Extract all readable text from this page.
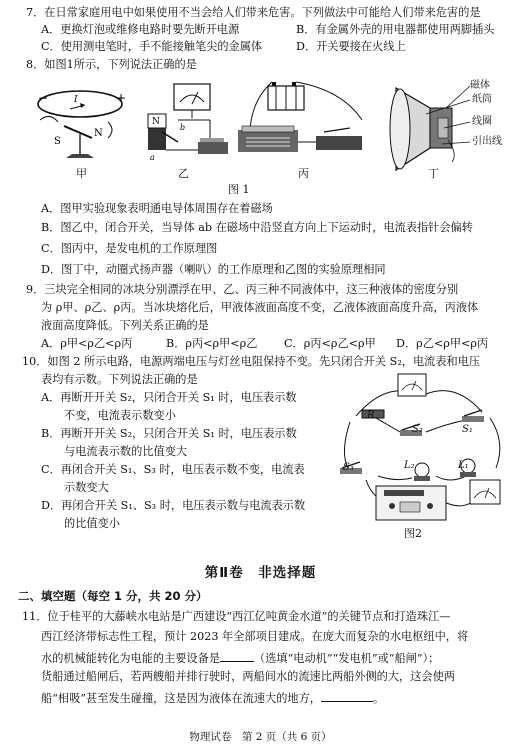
7．在日常家庭用电中如果使用不当会给人们带来危害。下列做法中可能给人们带来危害的是
A．更换灯泡或维修电路时要先断开电源	B．有金属外壳的用电器都使用两脚插头
C．使用测电笔时，手不能接触笔尖的金属体	D．开关要接在火线上
8．如图1所示，下列说法正确的是
−	+
I
S
N
N
b
a
磁体
纸筒
线圈
引出线
甲	乙	丙	丁
图 1
A．图甲实验现象表明通电导体周围存在着磁场
B．图乙中，闭合开关，当导体 ab 在磁场中沿竖直方向上下运动时，电流表指针会偏转
C．图丙中，是发电机的工作原理图
D．图丁中，动圈式扬声器（喇叭）的工作原理和乙图的实验原理相同
9．三块完全相同的冰块分别漂浮在甲、乙、丙三种不同液体中，这三种液体的密度分别
为 ρ甲、ρ乙、ρ丙。当冰块熔化后，甲液体液面高度不变，乙液体液面高度升高，丙液体
液面高度降低。下列关系正确的是
A．ρ甲<ρ乙<ρ丙	B．ρ丙<ρ甲<ρ乙 C．ρ丙<ρ乙<ρ甲 D．ρ乙<ρ甲<ρ丙
10．如图 2 所示电路，电源两端电压与灯丝电阻保持不变。先只闭合开关 S₂，电流表和电压
表均有示数。下列说法正确的是
A．再断开开关 S₂，只闭合开关 S₁ 时，电压表示数
不变，电流表示数变小
B．再断开开关 S₂，只闭合开关 S₁ 时，电压表示数
与电流表示数的比值变大
C．再闭合开关 S₁、S₃ 时，电压表示数不变，电流表
示数变大
D．再闭合开关 S₁、S₃ 时，电压表示数与电流表示数
的比值变小
R
S₂	S₁
S₃	L₂	L₁
图2
第Ⅱ卷　非选择题
二、填空题（每空 1 分，共 20 分）
11．位于桂平的大藤峡水电站是广西建设“西江亿吨黄金水道”的关键节点和打造珠江—
西江经济带标志性工程，预计 2023 年全部项目建成。在庞大而复杂的水电枢纽中，将
水的机械能转化为电能的主要设备是	（选填“电动机”“发电机”或“船闸”）；
货船通过船闸后，若两艘船并排行驶时，两船间水的流速比两船外侧的大，这会使两
船“相吸”甚至发生碰撞，这是因为液体在流速大的地方，	。
物理试卷　第 2 页（共 6 页）
